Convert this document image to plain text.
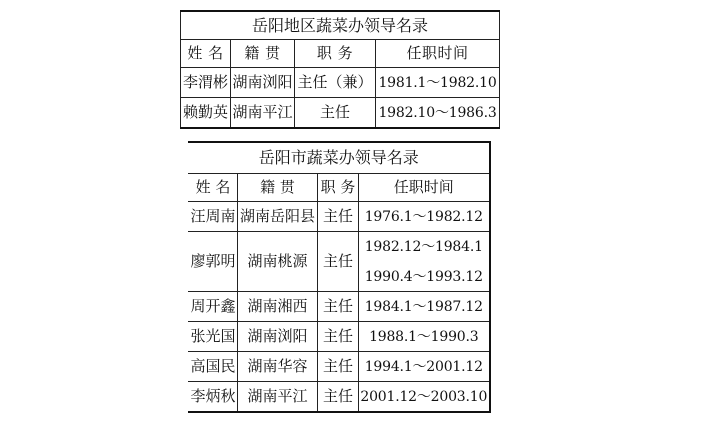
岳阳地区蔬菜办领导名录			
姓 名	籍 贯	职 务	任职时间
李渭彬	湖南浏阳	主任（兼）	1981.1～1982.10
赖勤英	湖南平江	主任	1982.10～1986.3
岳阳市蔬菜办领导名录			
姓 名	籍 贯	职 务	任职时间
汪周南	湖南岳阳县	主任	1976.1～1982.12
廖郭明	湖南桃源	主任	1982.12～1984.1
			1990.4～1993.12
周开鑫	湖南湘西	主任	1984.1～1987.12
张光国	湖南浏阳	主任	1988.1～1990.3
高国民	湖南华容	主任	1994.1～2001.12
李炳秋	湖南平江	主任	2001.12～2003.10
